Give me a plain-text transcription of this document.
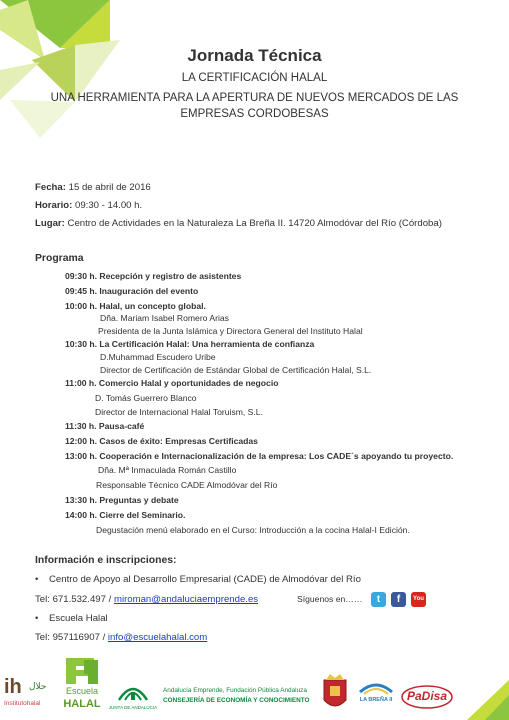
Jornada Técnica
LA CERTIFICACIÓN HALAL
UNA HERRAMIENTA PARA LA APERTURA DE NUEVOS MERCADOS DE LAS
EMPRESAS CORDOBESAS
Fecha: 15 de abril de 2016
Horario: 09:30 - 14.00 h.
Lugar: Centro de Actividades en la Naturaleza La Breña II. 14720 Almodóvar del Río (Córdoba)
Programa
09:30 h. Recepción y registro de asistentes
09:45 h. Inauguración del evento
10:00 h. Halal, un concepto global.
Dña. Mariam Isabel Romero Arias
Presidenta de la Junta Islámica y Directora General del Instituto Halal
10:30 h. La Certificación Halal: Una herramienta de confianza
D.Muhammad Escudero Uribe
Director de Certificación de Estándar Global de Certificación Halal, S.L.
11:00 h. Comercio Halal y oportunidades de negocio
D. Tomás Guerrero Blanco
Director de Internacional Halal Toruism, S.L.
11:30 h. Pausa-café
12:00 h. Casos de éxito: Empresas Certificadas
13:00 h. Cooperación e Internacionalización de la empresa: Los CADE´s apoyando tu proyecto.
Dña. Mª Inmaculada Román Castillo
Responsable Técnico CADE Almodóvar del Río
13:30 h. Preguntas y debate
14:00 h. Cierre del Seminario.
Degustación menú elaborado en el Curso: Introducción a la cocina Halal-I Edición.
Información e inscripciones:
• Centro de Apoyo al Desarrollo Empresarial (CADE) de Almodóvar del Río
Tel: 671.532.497 / miroman@andaluciaemprende.es	Síguenos en……	t	f	You
• Escuela Halal
Tel: 957116907 / info@escuelahalal.com
ih حلال
Institutohalal
Escuela
HALAL	JUNTA DE ANDALUCIA
Andalucía Emprende, Fundación Pública Andaluza
CONSEJERÍA DE ECONOMÍA Y CONOCIMIENTO	LA BREÑA II	PaDisa
